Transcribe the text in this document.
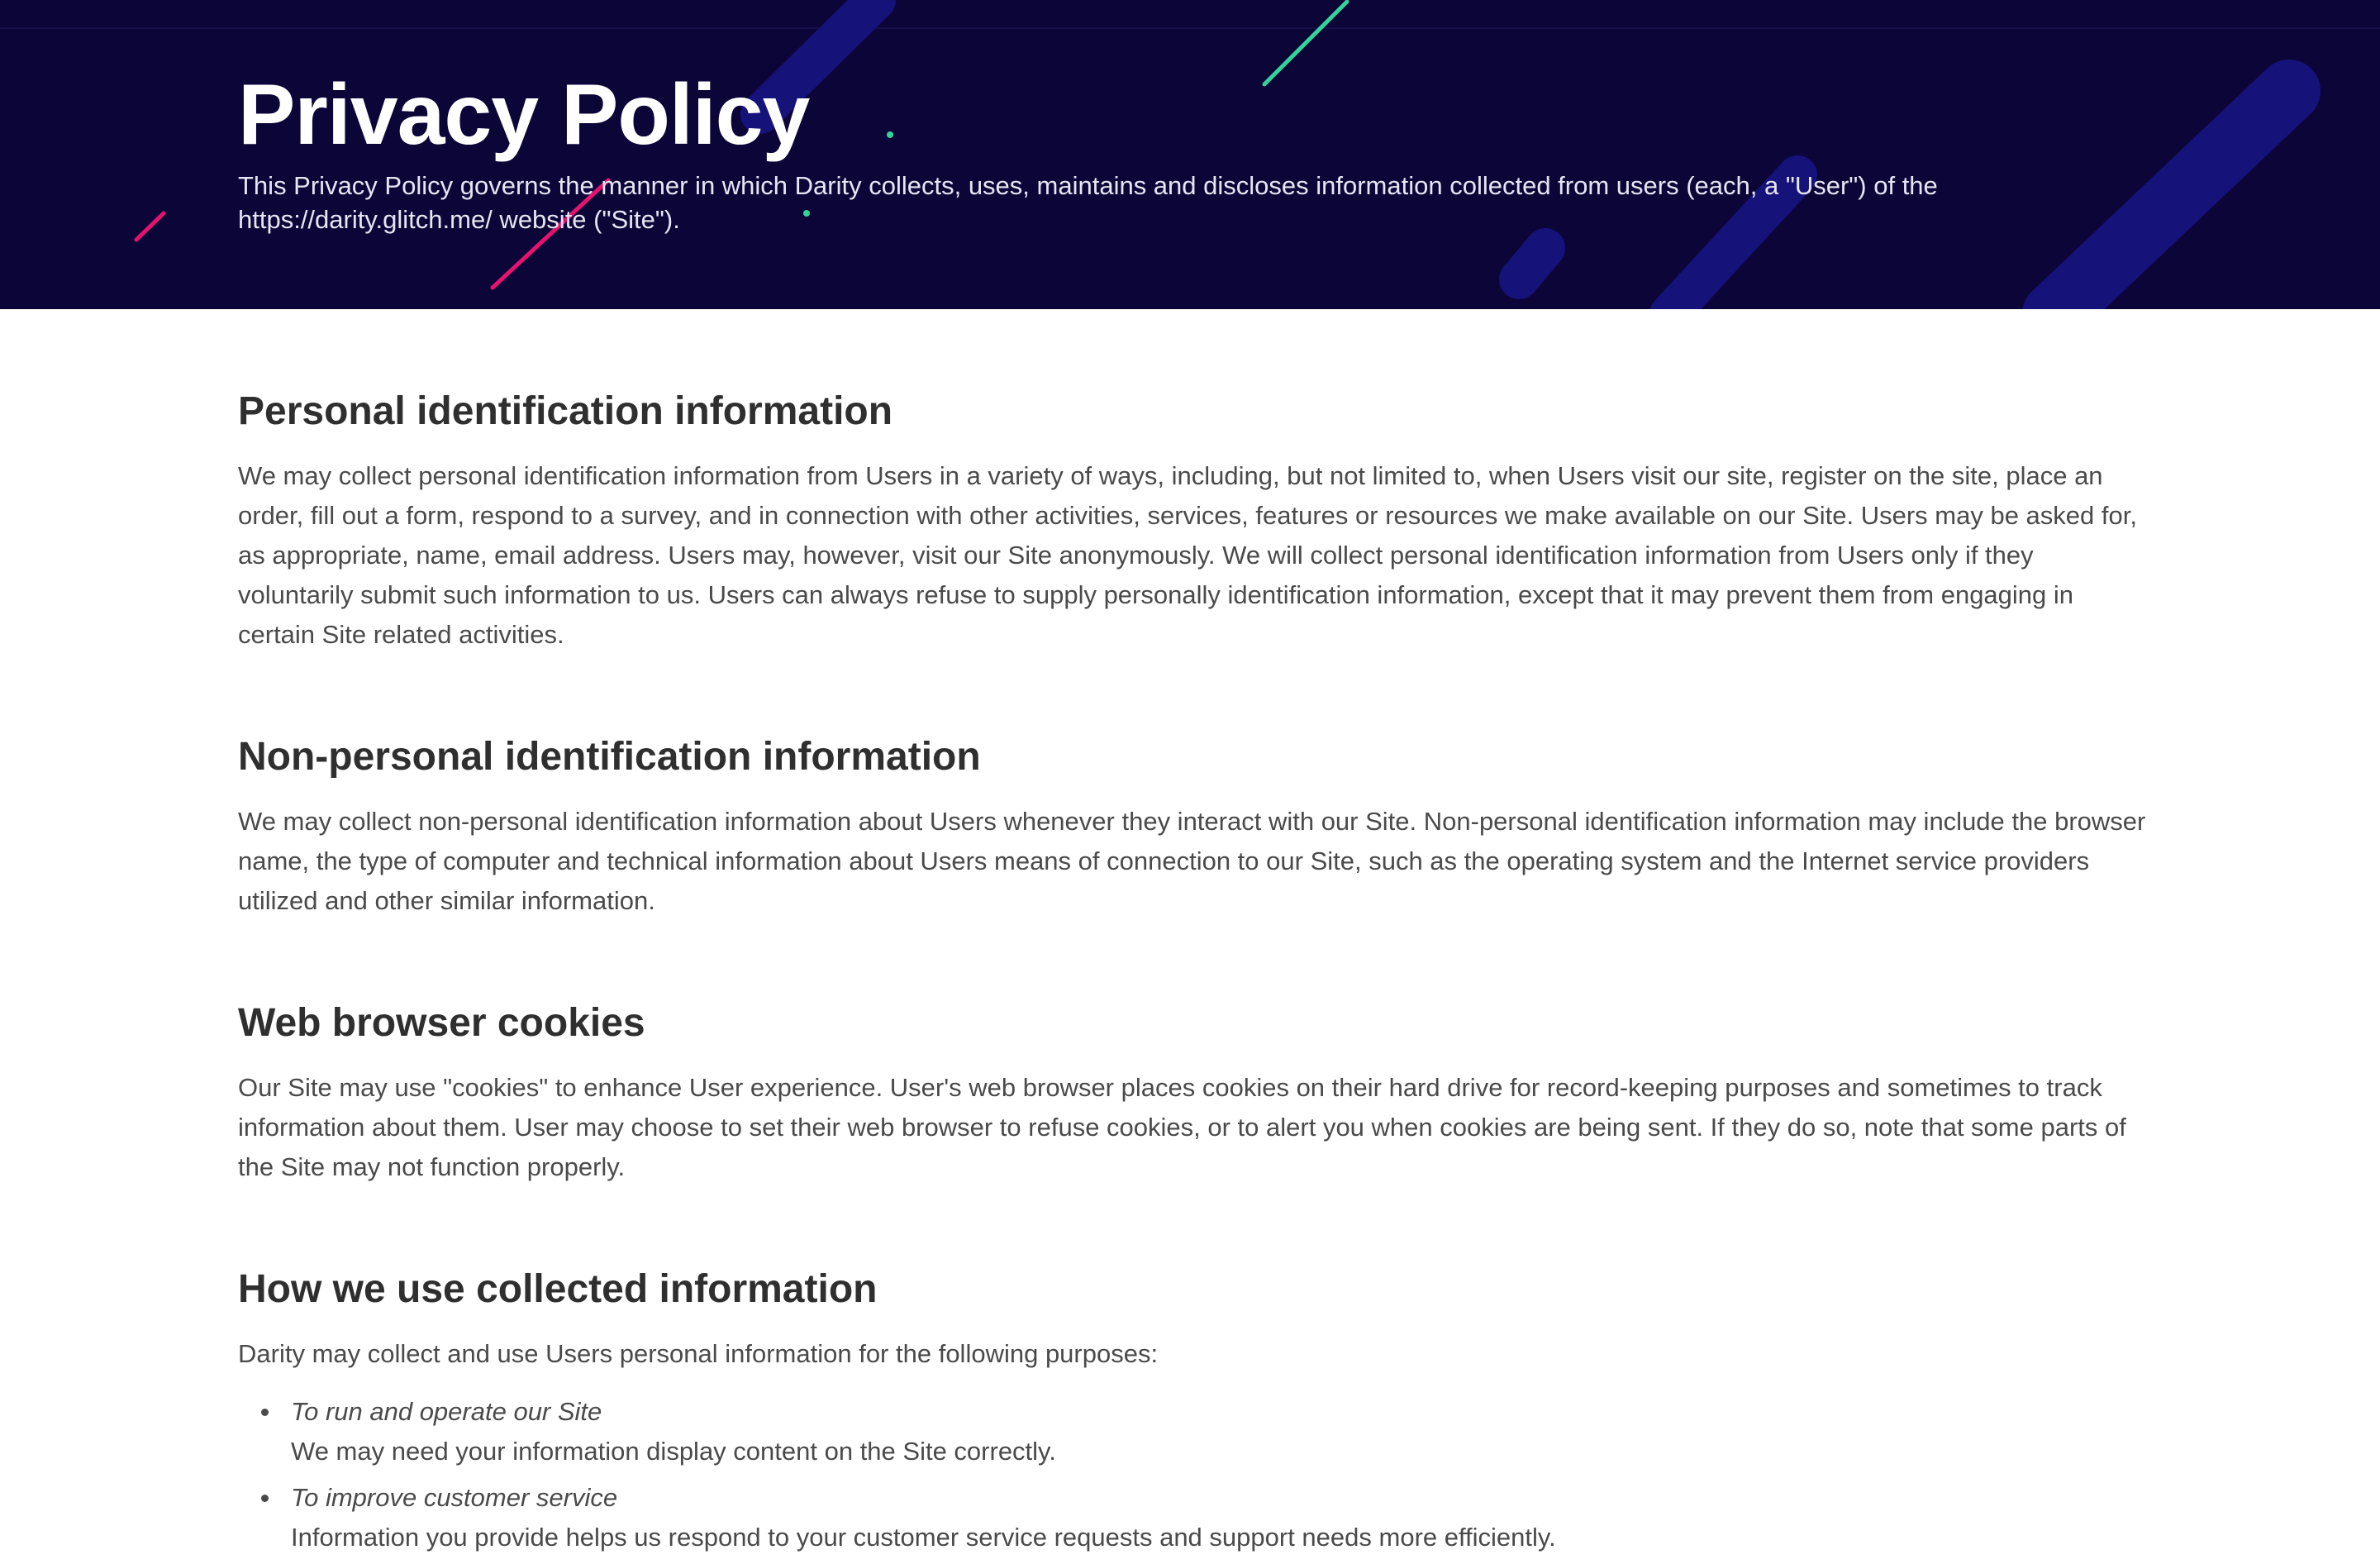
Privacy Policy

This Privacy Policy governs the manner in which Darity collects, uses, maintains and discloses information collected from users (each, a "User") of the https://darity.glitch.me/ website ("Site").

Personal identification information

We may collect personal identification information from Users in a variety of ways, including, but not limited to, when Users visit our site, register on the site, place an order, fill out a form, respond to a survey, and in connection with other activities, services, features or resources we make available on our Site. Users may be asked for, as appropriate, name, email address. Users may, however, visit our Site anonymously. We will collect personal identification information from Users only if they voluntarily submit such information to us. Users can always refuse to supply personally identification information, except that it may prevent them from engaging in certain Site related activities.

Non-personal identification information

We may collect non-personal identification information about Users whenever they interact with our Site. Non-personal identification information may include the browser name, the type of computer and technical information about Users means of connection to our Site, such as the operating system and the Internet service providers utilized and other similar information.

Web browser cookies

Our Site may use "cookies" to enhance User experience. User's web browser places cookies on their hard drive for record-keeping purposes and sometimes to track information about them. User may choose to set their web browser to refuse cookies, or to alert you when cookies are being sent. If they do so, note that some parts of the Site may not function properly.

How we use collected information

Darity may collect and use Users personal information for the following purposes:

To run and operate our Site
We may need your information display content on the Site correctly.
To improve customer service
Information you provide helps us respond to your customer service requests and support needs more efficiently.
